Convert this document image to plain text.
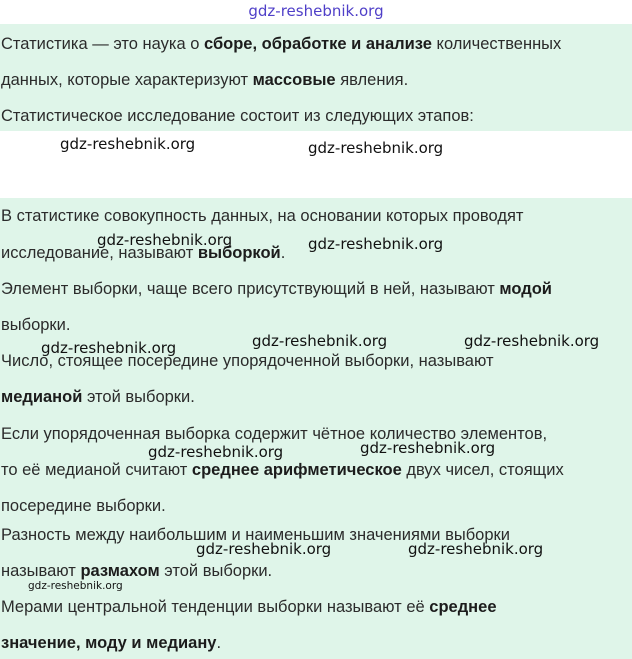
gdz-reshebnik.org
Статистика — это наука о сборе, обработке и анализе количественных
данных, которые характеризуют массовые явления.
Статистическое исследование состоит из следующих этапов:
В статистике совокупность данных, на основании которых проводят
исследование, называют выборкой.
Элемент выборки, чаще всего присутствующий в ней, называют модой
выборки.
Число, стоящее посередине упорядоченной выборки, называют
медианой этой выборки.
Если упорядоченная выборка содержит чётное количество элементов,
то её медианой считают среднее арифметическое двух чисел, стоящих
посередине выборки.
Разность между наибольшим и наименьшим значениями выборки
называют размахом этой выборки.
Мерами центральной тенденции выборки называют её среднее
значение, моду и медиану.
gdz-reshebnik.org	gdz-reshebnik.org
gdz-reshebnik.org	gdz-reshebnik.org
gdz-reshebnik.org	gdz-reshebnik.org
gdz-reshebnik.org
gdz-reshebnik.org
gdz-reshebnik.org
gdz-reshebnik.org	gdz-reshebnik.org
gdz-reshebnik.org
